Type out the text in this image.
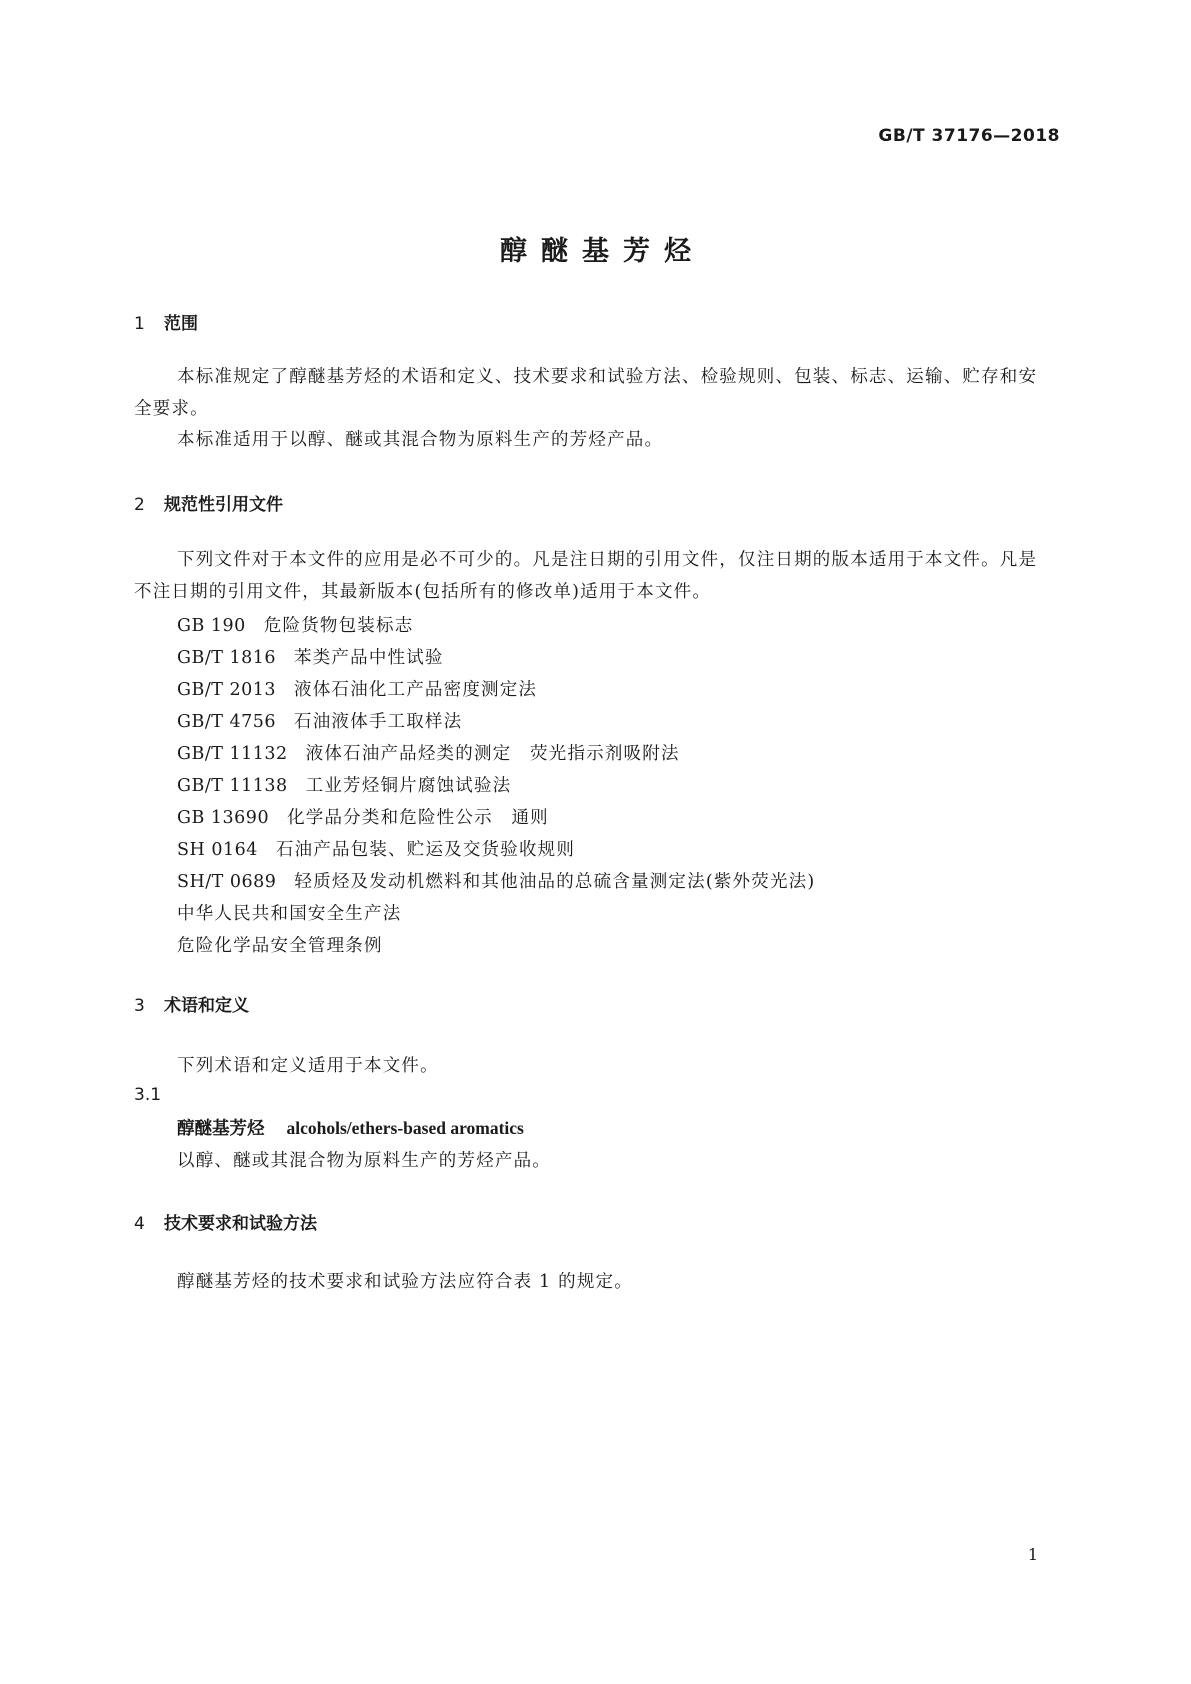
GB/T 37176—2018
醇醚基芳烃
1 范围

本标准规定了醇醚基芳烃的术语和定义、技术要求和试验方法、检验规则、包装、标志、运输、贮存和安全要求。

本标准适用于以醇、醚或其混合物为原料生产的芳烃产品。

2 规范性引用文件

下列文件对于本文件的应用是必不可少的。凡是注日期的引用文件，仅注日期的版本适用于本文件。凡是不注日期的引用文件，其最新版本(包括所有的修改单)适用于本文件。

GB 190 危险货物包装标志
GB/T 1816 苯类产品中性试验
GB/T 2013 液体石油化工产品密度测定法
GB/T 4756 石油液体手工取样法
GB/T 11132 液体石油产品烃类的测定　荧光指示剂吸附法
GB/T 11138 工业芳烃铜片腐蚀试验法
GB 13690 化学品分类和危险性公示　通则
SH 0164 石油产品包装、贮运及交货验收规则
SH/T 0689 轻质烃及发动机燃料和其他油品的总硫含量测定法(紫外荧光法)
中华人民共和国安全生产法
危险化学品安全管理条例
3 术语和定义
下列术语和定义适用于本文件。
3.1
醇醚基芳烃 alcohols/ethers-based aromatics
以醇、醚或其混合物为原料生产的芳烃产品。
4 技术要求和试验方法
醇醚基芳烃的技术要求和试验方法应符合表 1 的规定。
1
